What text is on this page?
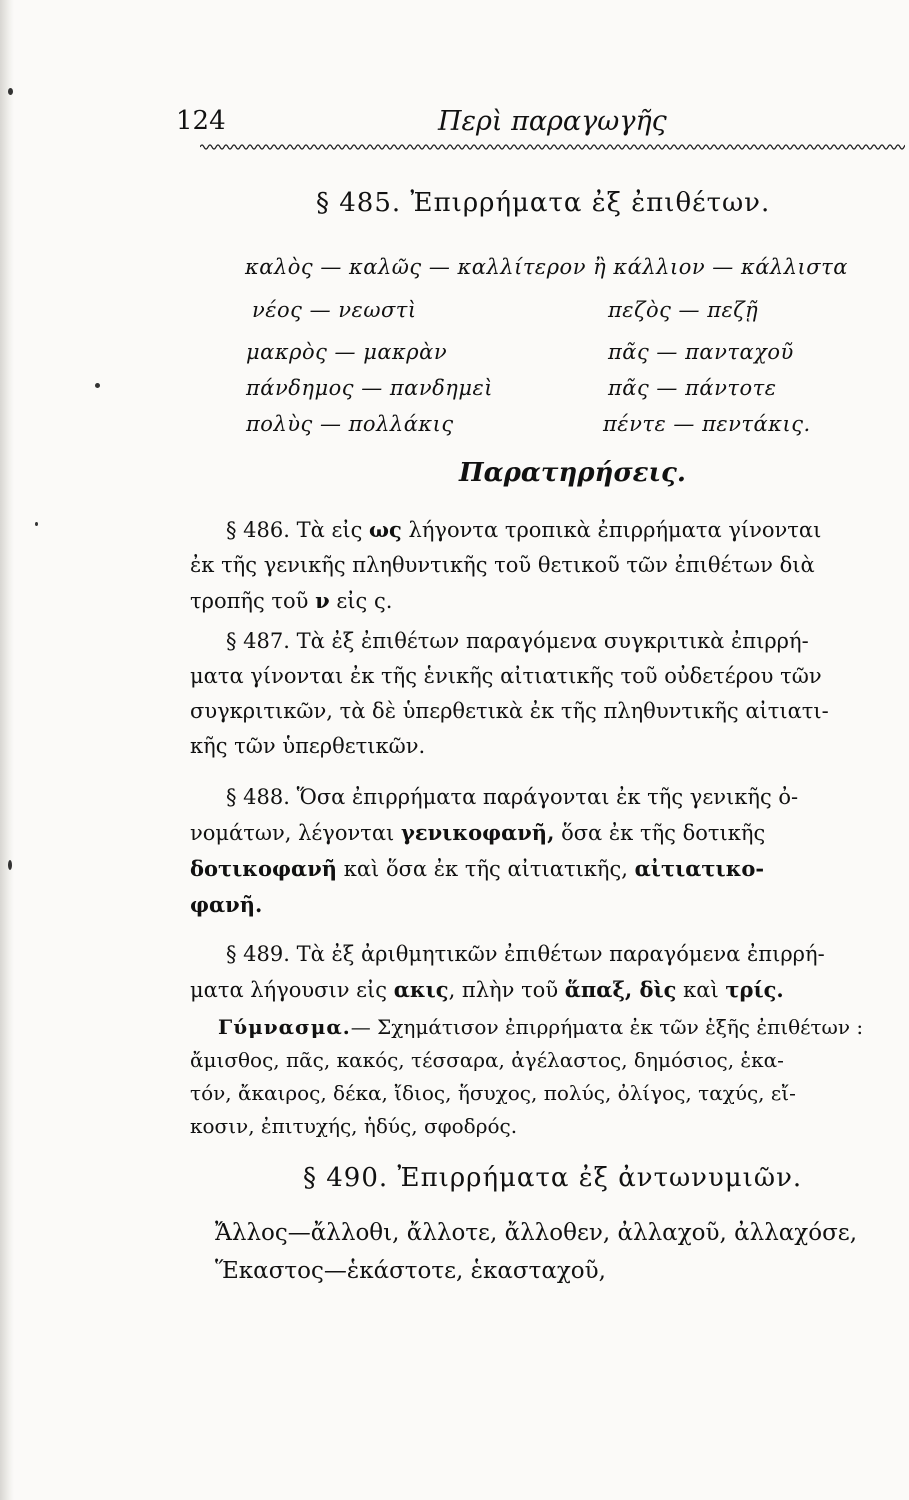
124	Περὶ παραγωγῆς
§ 485. Ἐπιρρήματα ἐξ ἐπιθέτων.
καλὸς — καλῶς — καλλίτερον ἢ κάλλιον — κάλλιστα
νέος — νεωστὶ	πεζὸς — πεζῇ
μακρὸς — μακρὰν	πᾶς — πανταχοῦ
πάνδημος — πανδημεὶ	πᾶς — πάντοτε
πολὺς — πολλάκις	πέντε — πεντάκις.
Παρατηρήσεις.
§ 486. Τὰ εἰς ως λήγοντα τροπικὰ ἐπιρρήματα γίνονται
ἐκ τῆς γενικῆς πληθυντικῆς τοῦ θετικοῦ τῶν ἐπιθέτων διὰ
τροπῆς τοῦ ν εἰς ς.
§ 487. Τὰ ἐξ ἐπιθέτων παραγόμενα συγκριτικὰ ἐπιρρή-
ματα γίνονται ἐκ τῆς ἑνικῆς αἰτιατικῆς τοῦ οὐδετέρου τῶν
συγκριτικῶν, τὰ δὲ ὑπερθετικὰ ἐκ τῆς πληθυντικῆς αἰτιατι-
κῆς τῶν ὑπερθετικῶν.
§ 488. Ὅσα ἐπιρρήματα παράγονται ἐκ τῆς γενικῆς ὀ-
νομάτων, λέγονται γενικοφανῆ, ὅσα ἐκ τῆς δοτικῆς
δοτικοφανῆ καὶ ὅσα ἐκ τῆς αἰτιατικῆς, αἰτιατικο-
φανῆ.
§ 489. Τὰ ἐξ ἀριθμητικῶν ἐπιθέτων παραγόμενα ἐπιρρή-
ματα λήγουσιν εἰς ακις, πλὴν τοῦ ἅπαξ, δὶς καὶ τρίς.
Γύμνασμα.— Σχημάτισον ἐπιρρήματα ἐκ τῶν ἑξῆς ἐπιθέτων :
ἄμισθος, πᾶς, κακός, τέσσαρα, ἀγέλαστος, δημόσιος, ἑκα-
τόν, ἄκαιρος, δέκα, ἴδιος, ἥσυχος, πολύς, ὀλίγος, ταχύς, εἴ-
κοσιν, ἐπιτυχής, ἡδύς, σφοδρός.
§ 490. Ἐπιρρήματα ἐξ ἀντωνυμιῶν.
Ἄλλος—ἄλλοθι, ἄλλοτε, ἄλλοθεν, ἀλλαχοῦ, ἀλλαχόσε,
Ἕκαστος—ἑκάστοτε, ἑκασταχοῦ,
